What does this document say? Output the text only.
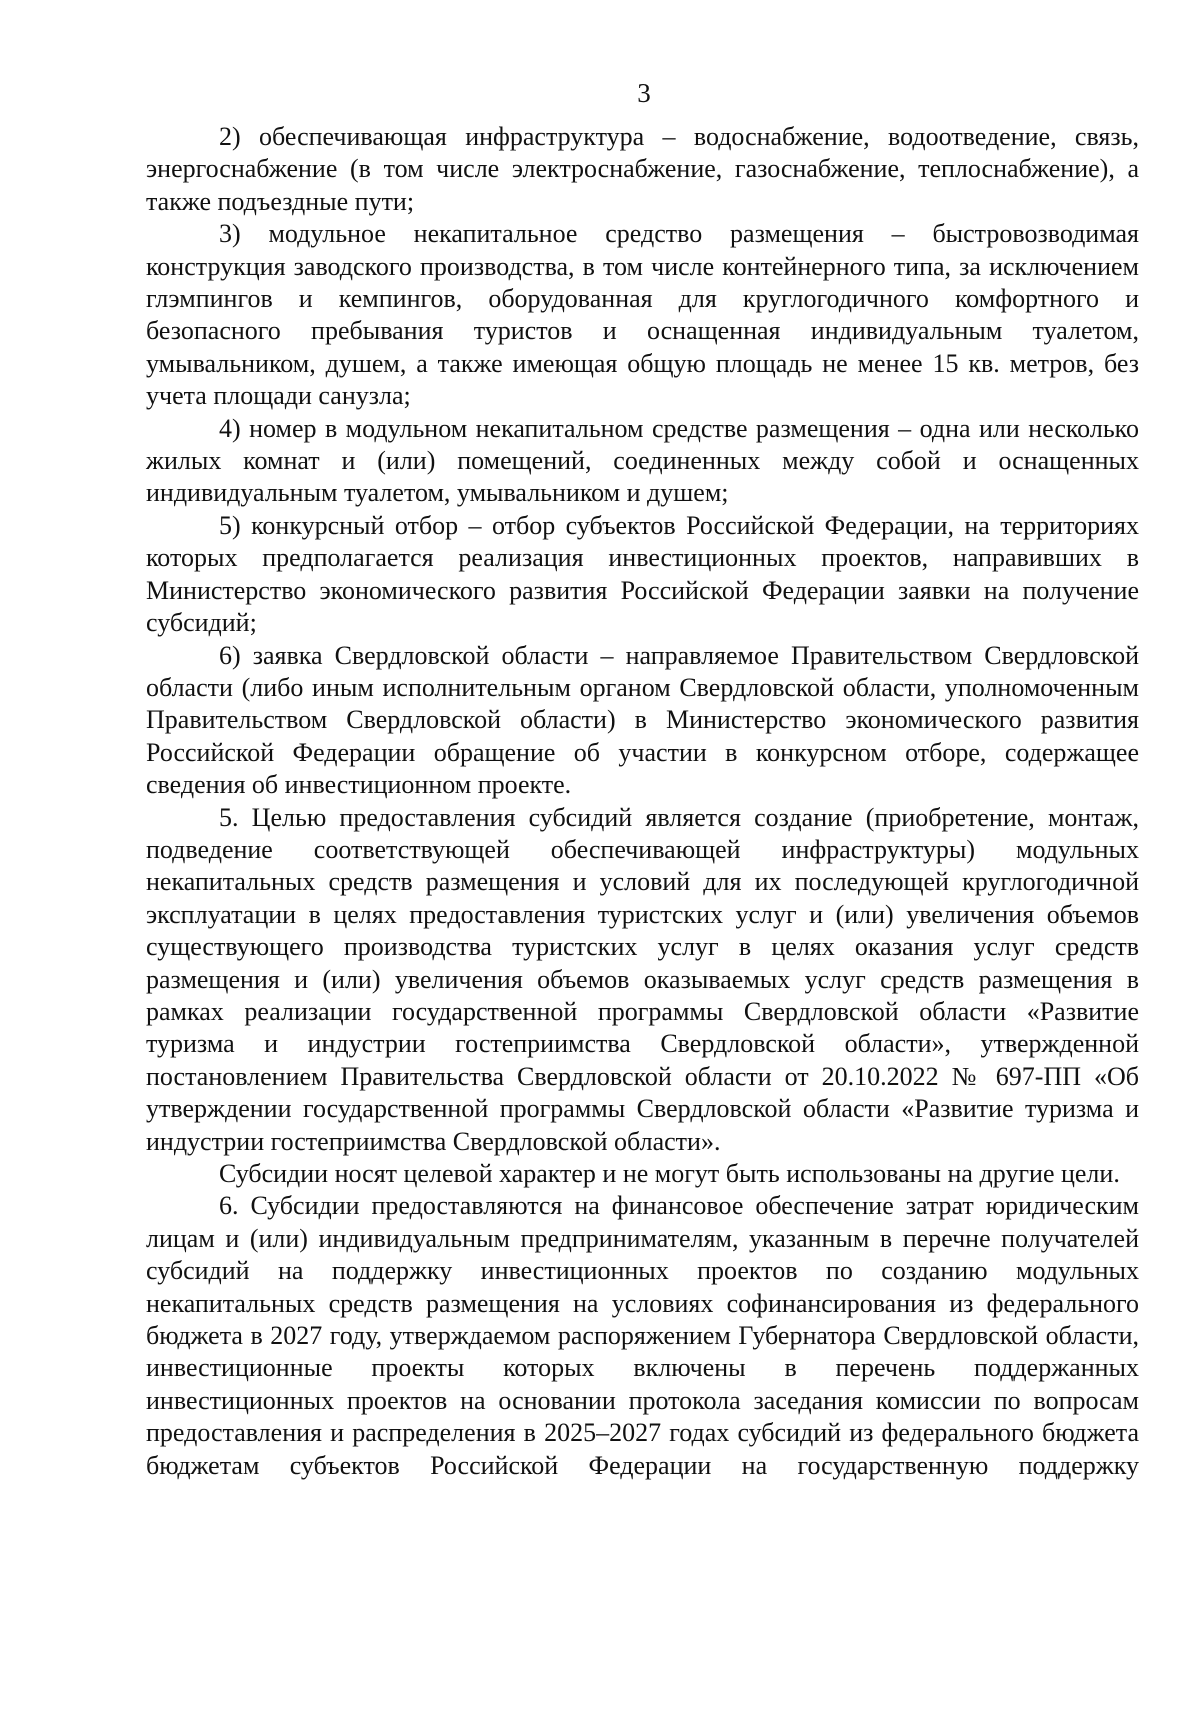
3

2) обеспечивающая инфраструктура – водоснабжение, водоотведение, связь, энергоснабжение (в том числе электроснабжение, газоснабжение, теплоснабжение), а также подъездные пути;

3) модульное некапитальное средство размещения – быстровозводимая конструкция заводского производства, в том числе контейнерного типа, за исключением глэмпингов и кемпингов, оборудованная для круглогодичного комфортного и безопасного пребывания туристов и оснащенная индивидуальным туалетом, умывальником, душем, а также имеющая общую площадь не менее 15 кв. метров, без учета площади санузла;

4) номер в модульном некапитальном средстве размещения – одна или несколько жилых комнат и (или) помещений, соединенных между собой и оснащенных индивидуальным туалетом, умывальником и душем;

5) конкурсный отбор – отбор субъектов Российской Федерации, на территориях которых предполагается реализация инвестиционных проектов, направивших в Министерство экономического развития Российской Федерации заявки на получение субсидий;

6) заявка Свердловской области – направляемое Правительством Свердловской области (либо иным исполнительным органом Свердловской области, уполномоченным Правительством Свердловской области) в Министерство экономического развития Российской Федерации обращение об участии в конкурсном отборе, содержащее сведения об инвестиционном проекте.

5. Целью предоставления субсидий является создание (приобретение, монтаж, подведение соответствующей обеспечивающей инфраструктуры) модульных некапитальных средств размещения и условий для их последующей круглогодичной эксплуатации в целях предоставления туристских услуг и (или) увеличения объемов существующего производства туристских услуг в целях оказания услуг средств размещения и (или) увеличения объемов оказываемых услуг средств размещения в рамках реализации государственной программы Свердловской области «Развитие туризма и индустрии гостеприимства Свердловской области», утвержденной постановлением Правительства Свердловской области от 20.10.2022 № 697-ПП «Об утверждении государственной программы Свердловской области «Развитие туризма и индустрии гостеприимства Свердловской области».

Субсидии носят целевой характер и не могут быть использованы на другие цели.

6. Субсидии предоставляются на финансовое обеспечение затрат юридическим лицам и (или) индивидуальным предпринимателям, указанным в перечне получателей субсидий на поддержку инвестиционных проектов по созданию модульных некапитальных средств размещения на условиях софинансирования из федерального бюджета в 2027 году, утверждаемом распоряжением Губернатора Свердловской области, инвестиционные проекты которых включены в перечень поддержанных инвестиционных проектов на основании протокола заседания комиссии по вопросам предоставления и распределения в 2025–2027 годах субсидий из федерального бюджета бюджетам субъектов Российской Федерации на государственную поддержку
